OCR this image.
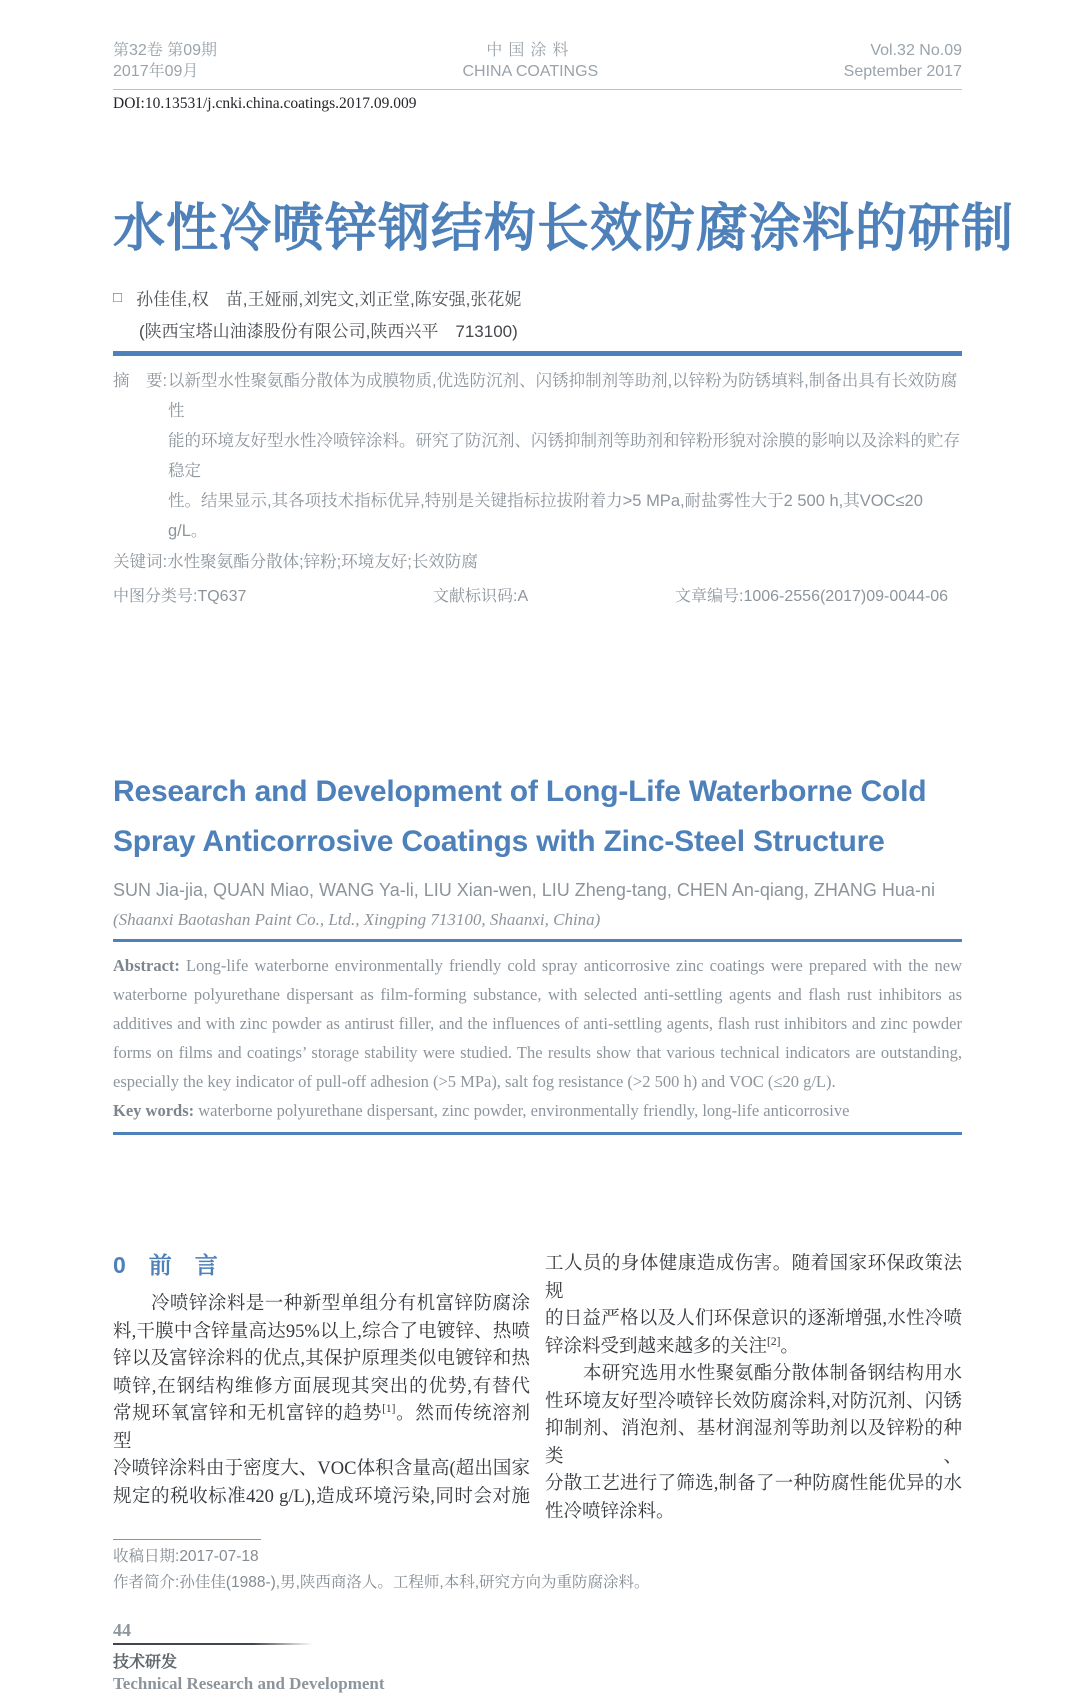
第32卷 第09期
2017年09月
中国涂料
CHINA COATINGS
Vol.32 No.09
September 2017
DOI:10.13531/j.cnki.china.coatings.2017.09.009
水性冷喷锌钢结构长效防腐涂料的研制
□ 孙佳佳,权　苗,王娅丽,刘宪文,刘正堂,陈安强,张花妮
(陕西宝塔山油漆股份有限公司,陕西兴平　713100)
摘　要: 以新型水性聚氨酯分散体为成膜物质,优选防沉剂、闪锈抑制剂等助剂,以锌粉为防锈填料,制备出具有长效防腐性
能的环境友好型水性冷喷锌涂料。研究了防沉剂、闪锈抑制剂等助剂和锌粉形貌对涂膜的影响以及涂料的贮存稳定
性。结果显示,其各项技术指标优异,特别是关键指标拉拔附着力>5 MPa,耐盐雾性大于2 500 h,其VOC≤20 g/L。
关键词: 水性聚氨酯分散体;锌粉;环境友好;长效防腐
中图分类号:TQ637	文献标识码:A	文章编号:1006-2556(2017)09-0044-06
Research and Development of Long-Life Waterborne Cold
Spray Anticorrosive Coatings with Zinc-Steel Structure
SUN Jia-jia, QUAN Miao, WANG Ya-li, LIU Xian-wen, LIU Zheng-tang, CHEN An-qiang, ZHANG Hua-ni
(Shaanxi Baotashan Paint Co., Ltd., Xingping 713100, Shaanxi, China)
Abstract: Long-life waterborne environmentally friendly cold spray anticorrosive zinc coatings were prepared with the new waterborne polyurethane dispersant as film-forming substance, with selected anti-settling agents and flash rust inhibitors as additives and with zinc powder as antirust filler, and the influences of anti-settling agents, flash rust inhibitors and zinc powder forms on films and coatings’ storage stability were studied. The results show that various technical indicators are outstanding, especially the key indicator of pull-off adhesion (>5 MPa), salt fog resistance (>2 500 h) and VOC (≤20 g/L).
Key words: waterborne polyurethane dispersant, zinc powder, environmentally friendly, long-life anticorrosive
0　前　言
　　冷喷锌涂料是一种新型单组分有机富锌防腐涂
料,干膜中含锌量高达95%以上,综合了电镀锌、热喷
锌以及富锌涂料的优点,其保护原理类似电镀锌和热
喷锌,在钢结构维修方面展现其突出的优势,有替代
常规环氧富锌和无机富锌的趋势[1]。然而传统溶剂型
冷喷锌涂料由于密度大、VOC体积含量高(超出国家
规定的税收标准420 g/L),造成环境污染,同时会对施
工人员的身体健康造成伤害。随着国家环保政策法规
的日益严格以及人们环保意识的逐渐增强,水性冷喷
锌涂料受到越来越多的关注[2]。
　　本研究选用水性聚氨酯分散体制备钢结构用水
性环境友好型冷喷锌长效防腐涂料,对防沉剂、闪锈
抑制剂、消泡剂、基材润湿剂等助剂以及锌粉的种类、
分散工艺进行了筛选,制备了一种防腐性能优异的水
性冷喷锌涂料。
收稿日期:2017-07-18
作者简介:孙佳佳(1988-),男,陕西商洛人。工程师,本科,研究方向为重防腐涂料。
44
技术研发
Technical Research and Development
